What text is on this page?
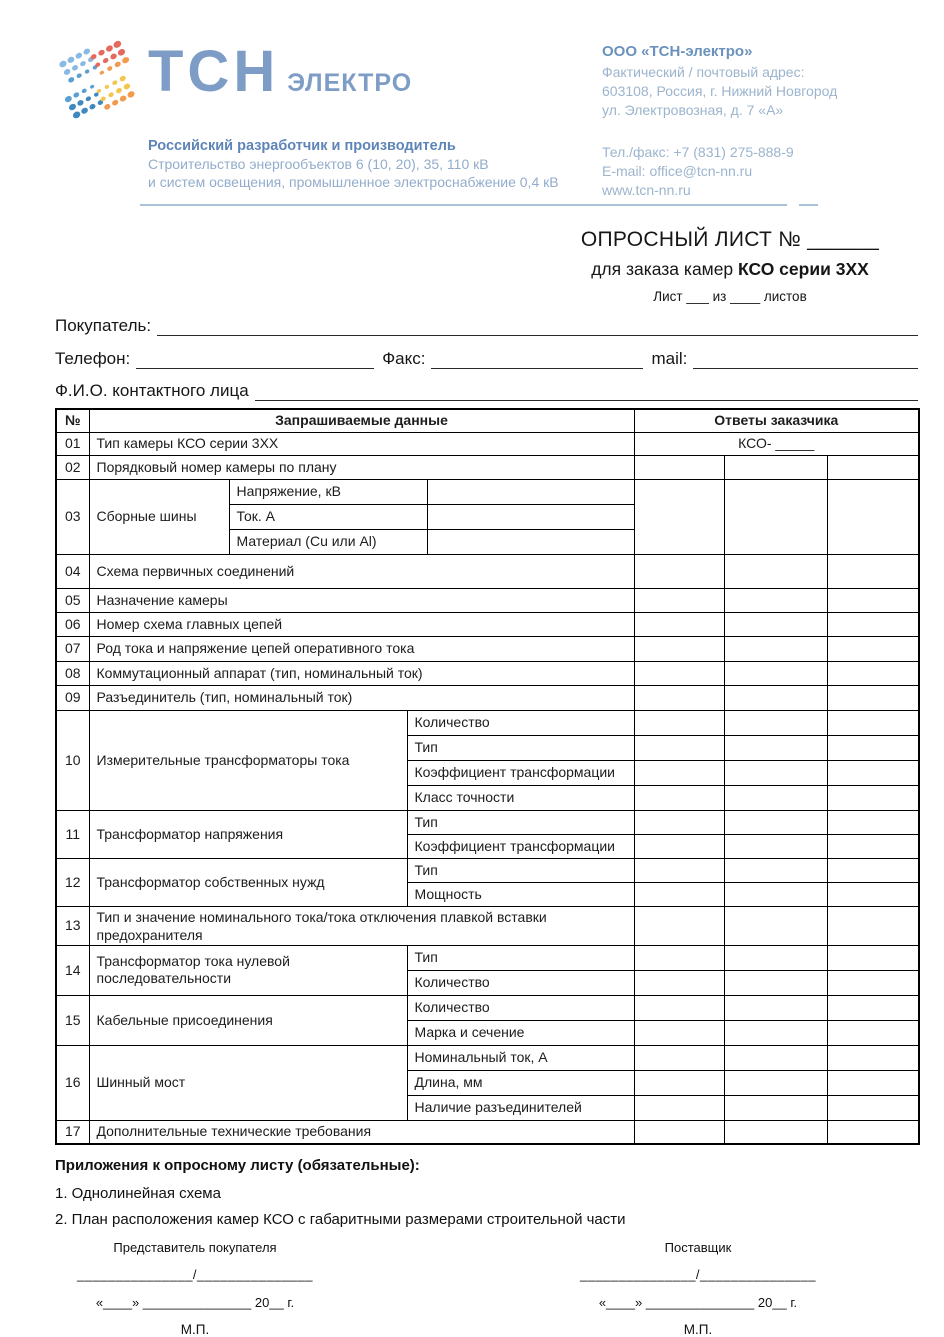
ТСН ЭЛЕКТРО
Российский разработчик и производитель
Строительство энергообъектов 6 (10, 20), 35, 110 кВ
и систем освещения, промышленное электроснабжение 0,4 кВ
ООО «ТСН-электро»
Фактический / почтовый адрес:
603108, Россия, г. Нижний Новгород
ул. Электровозная, д. 7 «А»
Тел./факс: +7 (831) 275-888-9
E-mail: office@tcn-nn.ru
www.tcn-nn.ru
ОПРОСНЫЙ ЛИСТ № ______
для заказа камер КСО серии 3ХХ
Лист ___ из ____ листов
Покупатель:
Телефон:	Факс:	mail:
Ф.И.О. контактного лица
№	Запрашиваемые данные				Ответы заказчика		
01	Тип камеры КСО серии 3ХХ				КСО- _____		
02	Порядковый номер камеры по плану						
03	Сборные шины	Напряжение, кВ					
		Ток. А					
		Материал (Cu или Al)					
04	Схема первичных соединений						
05	Назначение камеры						
06	Номер схема главных цепей						
07	Род тока и напряжение цепей оперативного тока						
08	Коммутационный аппарат (тип, номинальный ток)						
09	Разъединитель (тип, номинальный ток)						
10	Измерительные трансформаторы тока		Количество				
			Тип				
			Коэффициент трансформации				
			Класс точности				
11	Трансформатор напряжения		Тип				
			Коэффициент трансформации				
12	Трансформатор собственных нужд		Тип				
			Мощность				
13	Тип и значение номинального тока/тока отключения плавкой вставки предохранителя						
14	Трансформатор тока нулевой последовательности		Тип				
			Количество				
15	Кабельные присоединения		Количество				
			Марка и сечение				
16	Шинный мост		Номинальный ток, А				
			Длина, мм				
			Наличие разъединителей				
17	Дополнительные технические требования						
Приложения к опросному листу (обязательные):
1. Однолинейная схема
2. План расположения камер КСО с габаритными размерами строительной части
Представитель покупателя
_______________/_______________
«____» _______________ 20__ г.
М.П.
Поставщик
_______________/_______________
«____» _______________ 20__ г.
М.П.
